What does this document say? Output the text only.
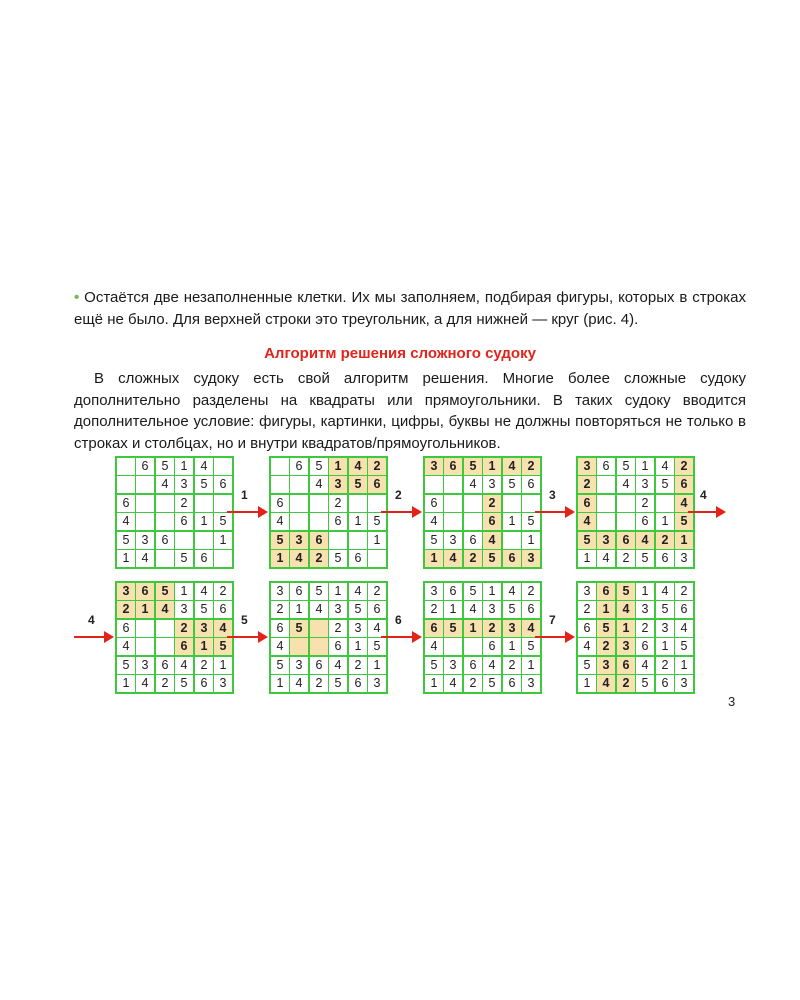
• Остаётся две незаполненные клетки. Их мы заполняем, подбирая фигуры, которых в строках ещё не было. Для верхней строки это треугольник, а для нижней — круг (рис. 4).

Алгоритм решения сложного судоку

В сложных судоку есть свой алгоритм решения. Многие более сложные судоку дополнительно разделены на квадраты или прямоугольники. В таких судоку вводится дополнительное условие: фигуры, картинки, цифры, буквы не должны повторяться не только в строках и столбцах, но и внутри квадратов/прямоугольников.

	6	5	1	4	
		4	3	5	6
6			2		
4			6	1	5
5	3	6			1
1	4		5	6	
	6	5	1	4	2
		4	3	5	6
6			2		
4			6	1	5
5	3	6			1
1	4	2	5	6	
3	6	5	1	4	2
		4	3	5	6
6			2		
4			6	1	5
5	3	6	4		1
1	4	2	5	6	3
3	6	5	1	4	2
2		4	3	5	6
6			2		4
4			6	1	5
5	3	6	4	2	1
1	4	2	5	6	3
3	6	5	1	4	2
2	1	4	3	5	6
6			2	3	4
4			6	1	5
5	3	6	4	2	1
1	4	2	5	6	3
3	6	5	1	4	2
2	1	4	3	5	6
6	5		2	3	4
4			6	1	5
5	3	6	4	2	1
1	4	2	5	6	3
3	6	5	1	4	2
2	1	4	3	5	6
6	5	1	2	3	4
4			6	1	5
5	3	6	4	2	1
1	4	2	5	6	3
3	6	5	1	4	2
2	1	4	3	5	6
6	5	1	2	3	4
4	2	3	6	1	5
5	3	6	4	2	1
1	4	2	5	6	3
1	2	3	4
4	5	6	7
3
